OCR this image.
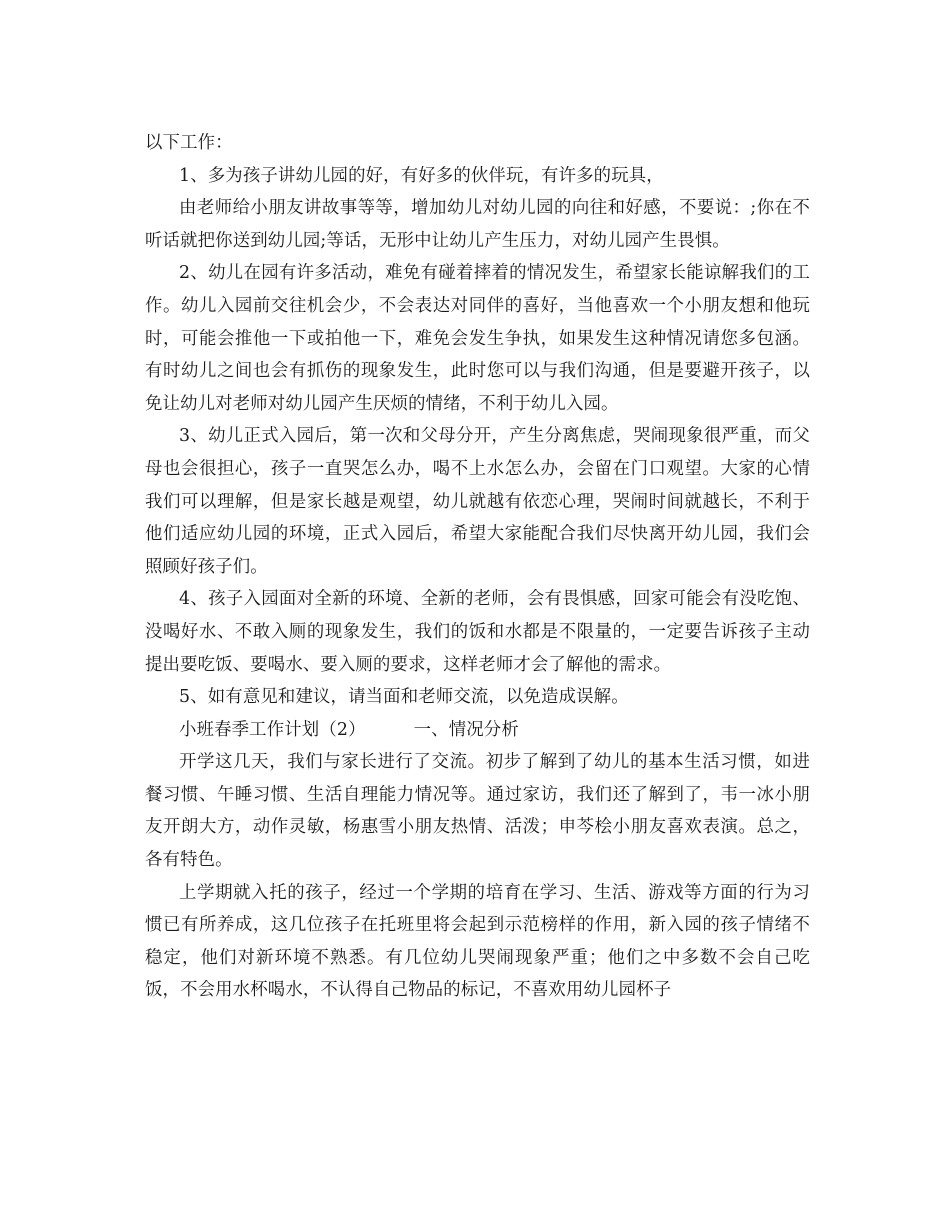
以下工作：

1、多为孩子讲幼儿园的好，有好多的伙伴玩，有许多的玩具，

由老师给小朋友讲故事等等，增加幼儿对幼儿园的向往和好感，不要说：;你在不听话就把你送到幼儿园;等话，无形中让幼儿产生压力，对幼儿园产生畏惧。

2、幼儿在园有许多活动，难免有碰着摔着的情况发生，希望家长能谅解我们的工作。幼儿入园前交往机会少，不会表达对同伴的喜好，当他喜欢一个小朋友想和他玩时，可能会推他一下或拍他一下，难免会发生争执，如果发生这种情况请您多包涵。有时幼儿之间也会有抓伤的现象发生，此时您可以与我们沟通，但是要避开孩子，以免让幼儿对老师对幼儿园产生厌烦的情绪，不利于幼儿入园。

3、幼儿正式入园后，第一次和父母分开，产生分离焦虑，哭闹现象很严重，而父母也会很担心，孩子一直哭怎么办，喝不上水怎么办，会留在门口观望。大家的心情我们可以理解，但是家长越是观望，幼儿就越有依恋心理，哭闹时间就越长，不利于他们适应幼儿园的环境，正式入园后，希望大家能配合我们尽快离开幼儿园，我们会照顾好孩子们。

4、孩子入园面对全新的环境、全新的老师，会有畏惧感，回家可能会有没吃饱、没喝好水、不敢入厕的现象发生，我们的饭和水都是不限量的，一定要告诉孩子主动提出要吃饭、要喝水、要入厕的要求，这样老师才会了解他的需求。

5、如有意见和建议，请当面和老师交流，以免造成误解。

小班春季工作计划（2）	一、情况分析

开学这几天，我们与家长进行了交流。初步了解到了幼儿的基本生活习惯，如进餐习惯、午睡习惯、生活自理能力情况等。通过家访，我们还了解到了，韦一冰小朋友开朗大方，动作灵敏，杨惠雪小朋友热情、活泼；申芩桧小朋友喜欢表演。总之，各有特色。

上学期就入托的孩子，经过一个学期的培育在学习、生活、游戏等方面的行为习惯已有所养成，这几位孩子在托班里将会起到示范榜样的作用，新入园的孩子情绪不稳定，他们对新环境不熟悉。有几位幼儿哭闹现象严重；他们之中多数不会自己吃饭，不会用水杯喝水，不认得自己物品的标记，不喜欢用幼儿园杯子
